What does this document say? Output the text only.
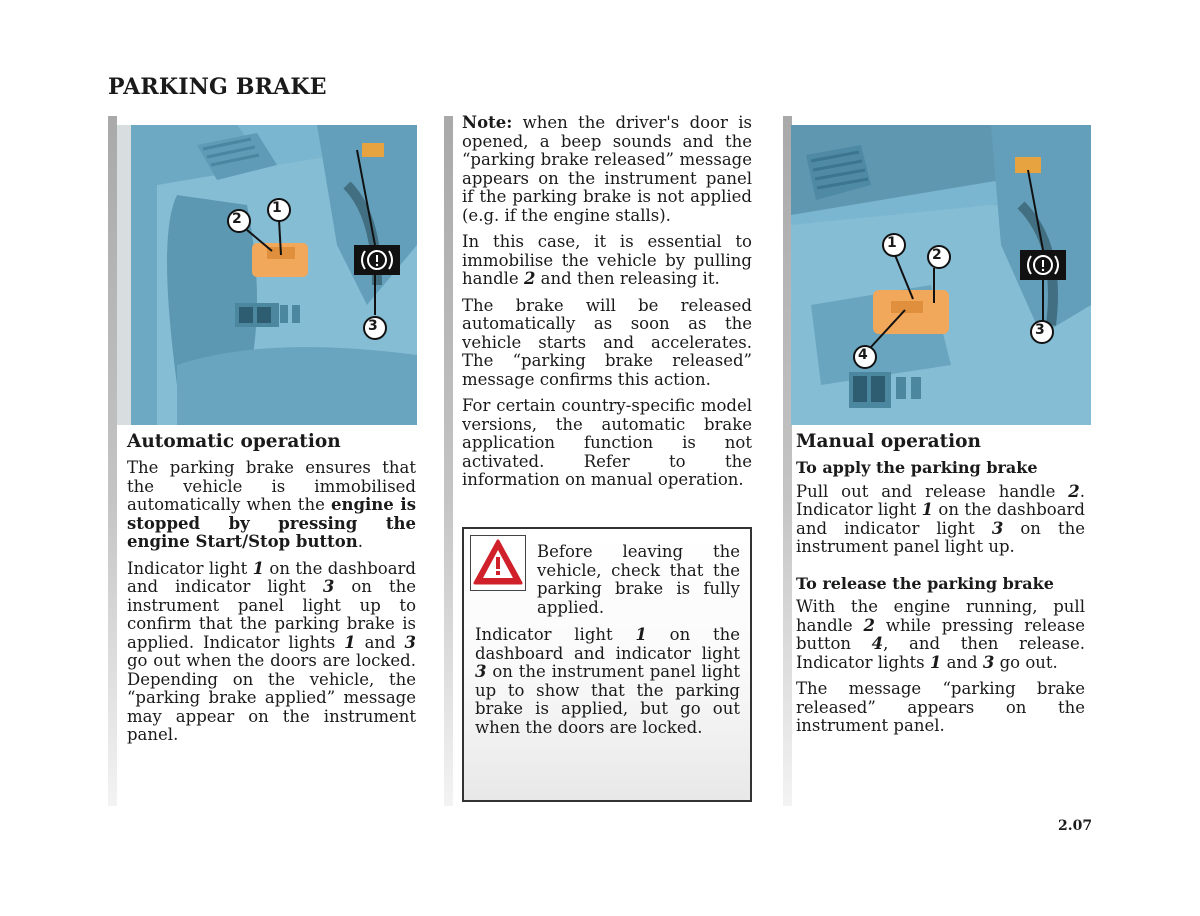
PARKING BRAKE
1
2
3
Automatic operation

The parking brake ensures that the vehicle is immobilised automatically when the engine is stopped by pressing the engine Start/Stop button.

Indicator light 1 on the dashboard and indicator light 3 on the instrument panel light up to confirm that the parking brake is applied. Indicator lights 1 and 3 go out when the doors are locked. Depending on the vehicle, the “parking brake applied” message may appear on the instrument panel.

Note: when the driver's door is opened, a beep sounds and the “parking brake released” message appears on the instrument panel if the parking brake is not applied (e.g. if the engine stalls).

In this case, it is essential to immobilise the vehicle by pulling handle 2 and then releasing it.

The brake will be released automatically as soon as the vehicle starts and accelerates. The “parking brake released” message confirms this action.

For certain country-specific model versions, the automatic brake application function is not activated. Refer to the information on manual operation.

Before leaving the vehicle, check that the parking brake is fully applied.
Indicator light 1 on the dashboard and indicator light 3 on the instrument panel light up to show that the parking brake is applied, but go out when the doors are locked.
1
2
3
4
Manual operation
To apply the parking brake

Pull out and release handle 2. Indicator light 1 on the dashboard and indicator light 3 on the instrument panel light up.

To release the parking brake

With the engine running, pull handle 2 while pressing release button 4, and then release. Indicator lights 1 and 3 go out.

The message “parking brake released” appears on the instrument panel.

2.07
